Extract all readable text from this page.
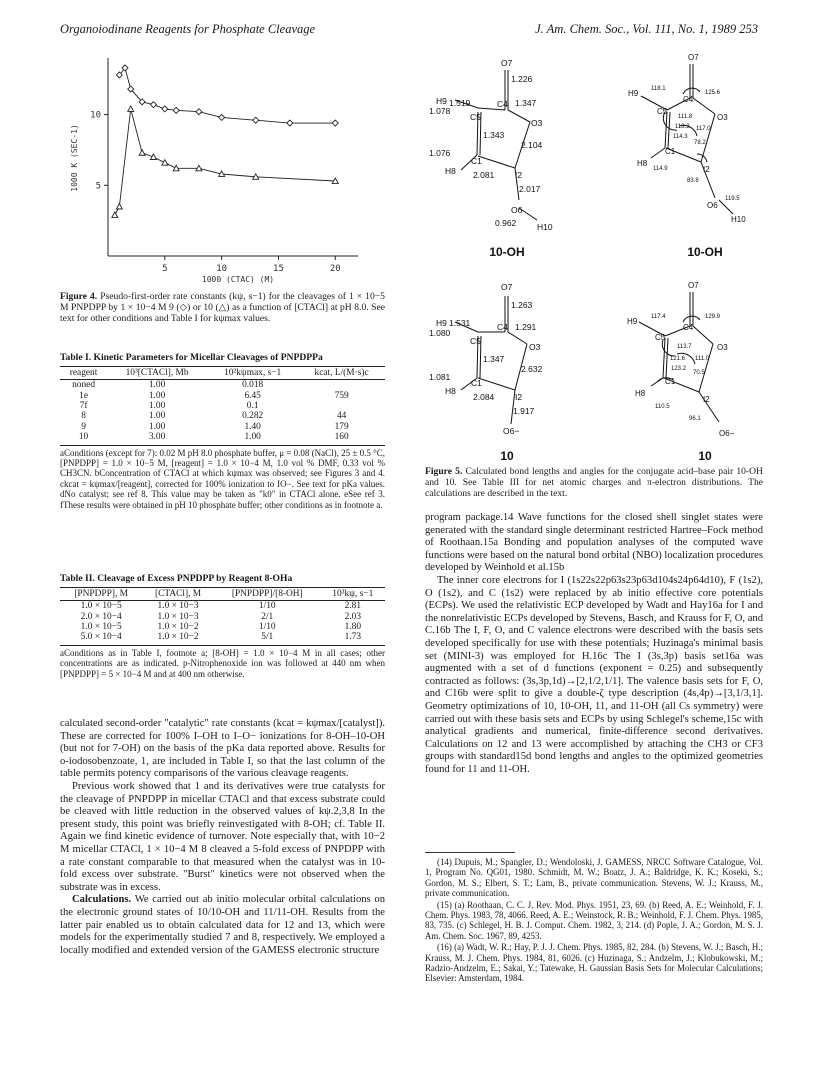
Organoiodinane Reagents for Phosphate Cleavage	J. Am. Chem. Soc., Vol. 111, No. 1, 1989 253
5	10	15	20
5
10
1000 (CTAC) (M)
1000 K (SEC-1)
Figure 4. Pseudo-first-order rate constants (kψ, s−1) for the cleavages of 1 × 10−5 M PNPDPP by 1 × 10−4 M 9 (◇) or 10 (△) as a function of [CTACl] at pH 8.0. See text for other conditions and Table I for kψmax values.
Table I. Kinetic Parameters for Micellar Cleavages of PNPDPPa
reagent	10³[CTACl], Mb	10²kψmax, s−1	kcat, L/(M·s)c
noned	1.00	0.018	
1e	1.00	6.45	759
7f	1.00	0.1	
8	1.00	0.282	44
9	1.00	1.40	179
10	3.00	1.00	160
aConditions (except for 7): 0.02 M pH 8.0 phosphate buffer, μ = 0.08 (NaCl), 25 ± 0.5 °C, [PNPDPP] = 1.0 × 10−5 M, [reagent] = 1.0 × 10−4 M, 1.0 vol % DMF, 0.33 vol % CH3CN. bConcentration of CTACl at which kψmax was observed; see Figures 3 and 4. ckcat = kψmax/[reagent], corrected for 100% ionization to IO−. See text for pKa values. dNo catalyst; see ref 8. This value may be taken as "k0" in CTACl alone. eSee ref 3. fThese results were obtained in pH 10 phosphate buffer; other conditions as in footnote a.
Table II. Cleavage of Excess PNPDPP by Reagent 8-OHa
[PNPDPP], M	[CTACl], M	[PNPDPP]/[8-OH]	10³kψ, s−1
1.0 × 10−5	1.0 × 10−3	1/10	2.81
2.0 × 10−4	1.0 × 10−3	2/1	2.03
1.0 × 10−5	1.0 × 10−2	1/10	1.80
5.0 × 10−4	1.0 × 10−2	5/1	1.73
aConditions as in Table I, footnote a; [8-OH] = 1.0 × 10−4 M in all cases; other concentrations are as indicated. p-Nitrophenoxide ion was followed at 440 nm when [PNPDPP] = 5 × 10−4 M and at 400 nm otherwise.

calculated second-order "catalytic" rate constants (kcat = kψmax/[catalyst]). These are corrected for 100% I–OH to I–O− ionizations for 8-OH–10-OH (but not for 7-OH) on the basis of the pKa data reported above. Results for o-iodosobenzoate, 1, are included in Table I, so that the last column of the table permits potency comparisons of the various cleavage reagents.

Previous work showed that 1 and its derivatives were true catalysts for the cleavage of PNPDPP in micellar CTACl and that excess substrate could be cleaved with little reduction in the observed values of kψ.2,3,8 In the present study, this point was briefly reinvestigated with 8-OH; cf. Table II. Again we find kinetic evidence of turnover. Note especially that, with 10−2 M micellar CTACl, 1 × 10−4 M 8 cleaved a 5-fold excess of PNPDPP with a rate constant comparable to that measured when the catalyst was in 10-fold excess over substrate. "Burst" kinetics were not observed when the substrate was in excess.

Calculations. We carried out ab initio molecular orbital calculations on the electronic ground states of 10/10-OH and 11/11-OH. Results from the latter pair enabled us to obtain calculated data for 12 and 13, which were models for the experimentally studied 7 and 8, respectively. We employed a locally modified and extended version of the GAMESS electronic structure

O7
1.226
H9 1.519	C4 1.347
1.078
C5
O3
1.343
2.104
1.076
C1
H8 2.081 I2
2.017
O6
0.962 H10
10-OH
O7
H9 118.1
C4
125.6
C5
111.8	O3
118.2 117.0
114.3
78.2
C1
H8
114.9	I2
83.8
O6
119.5
H10
10-OH
O7
1.263
H9 1.531	C4 1.291
1.080
C5
O3
1.347
2.632
1.081
C1
H8
2.084 I2
1.917
O6−
10
O7
H9 117.4
C4
129.9
C5
113.7	O3
121.6 111.0
123.2
70.5
C1
H8
110.5
I2
96.1
O6−
10
Figure 5. Calculated bond lengths and angles for the conjugate acid–base pair 10-OH and 10. See Table III for net atomic charges and π-electron distributions. The calculations are described in the text.

program package.14 Wave functions for the closed shell singlet states were generated with the standard single determinant restricted Hartree–Fock method of Roothaan.15a Bonding and population analyses of the computed wave functions were based on the natural bond orbital (NBO) localization procedures developed by Weinhold et al.15b

The inner core electrons for I (1s22s22p63s23p63d104s24p64d10), F (1s2), O (1s2), and C (1s2) were replaced by ab initio effective core potentials (ECPs). We used the relativistic ECP developed by Wadt and Hay16a for I and the nonrelativistic ECPs developed by Stevens, Basch, and Krauss for F, O, and C.16b The I, F, O, and C valence electrons were described with the basis sets developed specifically for use with these potentials; Huzinaga's minimal basis set (MINI-3) was employed for H.16c The I (3s,3p) basis set16a was augmented with a set of d functions (exponent = 0.25) and subsequently contracted as follows: (3s,3p,1d)→[2,1/2,1/1]. The valence basis sets for F, O, and C16b were split to give a double-ζ type description (4s,4p)→[3,1/3,1]. Geometry optimizations of 10, 10-OH, 11, and 11-OH (all Cs symmetry) were carried out with these basis sets and ECPs by using Schlegel's scheme,15c with analytical gradients and numerical, finite-difference second derivatives. Calculations on 12 and 13 were accomplished by attaching the CH3 or CF3 groups with standard15d bond lengths and angles to the optimized geometries found for 11 and 11-OH.

(14) Dupuis, M.; Spangler, D.; Wendoloski, J. GAMESS, NRCC Software Catalogue, Vol. 1, Program No. QG01, 1980. Schmidt, M. W.; Boatz, J. A.; Baldridge, K. K.; Koseki, S.; Gordon, M. S.; Elbert, S. T.; Lam, B., private communication. Stevens, W. J.; Krauss, M., private communication.

(15) (a) Roothaan, C. C. J. Rev. Mod. Phys. 1951, 23, 69. (b) Reed, A. E.; Weinhold, F. J. Chem. Phys. 1983, 78, 4066. Reed, A. E.; Weinstock, R. B.; Weinhold, F. J. Chem. Phys. 1985, 83, 735. (c) Schlegel, H. B. J. Comput. Chem. 1982, 3, 214. (d) Pople, J. A.; Gordon, M. S. J. Am. Chem. Soc. 1967, 89, 4253.

(16) (a) Wadt, W. R.; Hay, P. J. J. Chem. Phys. 1985, 82, 284. (b) Stevens, W. J.; Basch, H.; Krauss, M. J. Chem. Phys. 1984, 81, 6026. (c) Huzinaga, S.; Andzelm, J.; Klobukowski, M.; Radzio-Andzelm, E.; Sakai, Y.; Tatewake, H. Gaussian Basis Sets for Molecular Calculations; Elsevier: Amsterdam, 1984.
